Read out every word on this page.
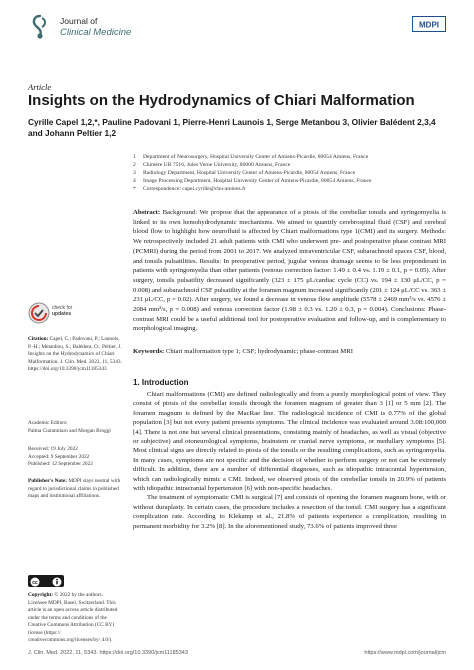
Journal of
Clinical Medicine
MDPI
Article
Insights on the Hydrodynamics of Chiari Malformation
Cyrille Capel 1,2,*, Pauline Padovani 1, Pierre-Henri Launois 1, Serge Metanbou 3, Olivier Balédent 2,3,4 and Johann Peltier 1,2
1	Department of Neurosurgery, Hospital University Center of Amiens-Picardie, 80054 Amiens, France
2	Chimère UR 7516, Jules Verne University, 80000 Amiens, France
3	Radiology Department, Hospital University Center of Amiens-Picardie, 80054 Amiens, France
4	Image Processing Department, Hospital University Center of Amiens-Picardie, 80054 Amiens, France
*	Correspondence: capel.cyrille@chu-amiens.fr
Abstract: Background: We propose that the appearance of a ptosis of the cerebellar tonsils and syringomyelia is linked to its own hemohydrodynamic mechanisms. We aimed to quantify cerebrospinal fluid (CSF) and cerebral blood flow to highlight how neurofluid is affected by Chiari malformations type 1(CMI) and its surgery. Methods: We retrospectively included 21 adult patients with CMI who underwent pre- and postoperative phase contrast MRI (PCMRI) during the period from 2001 to 2017. We analyzed intraventricular CSF, subarachnoid spaces CSF, blood, and tonsils pulsatilities. Results: In preoperative period, jugular venous drainage seems to be less preponderant in patients with syringomyelia than other patients (venous correction factor: 1.49 ± 0.4 vs. 1.19 ± 0.1, p = 0.05). After surgery, tonsils pulsatility decreased significantly (323 ± 175 μL/cardiac cycle (CC) vs. 194 ± 130 μL/CC, p = 0.008) and subarachnoid CSF pulsatility at the foramen magnum increased significantly (201 ± 124 μL/CC vs. 363 ± 231 μL/CC, p = 0.02). After surgery, we found a decrease in venous flow amplitude (5578 ± 2469 mm³/s vs. 4576 ± 2084 mm³/s, p = 0.008) and venous correction factor (1.98 ± 0.3 vs. 1.20 ± 0.3, p = 0.004). Conclusions: Phase-contrast MRI could be a useful additional tool for postoperative evaluation and follow-up, and is complementary to morphological imaging.
Keywords: Chiari malformation type 1; CSF; hydrodynamic; phase-contrast MRI
check for
updates
Citation: Capel, C.; Padovani, P.; Launois, P.-H.; Metanbou, S.; Balédent, O.; Peltier, J. Insights on the Hydrodynamics of Chiari Malformation. J. Clin. Med. 2022, 11, 5343. https://doi.org/10.3390/jcm11185343
Academic Editors:
Palma Ciaramitaro and Morgan Broggi
Received: 19 July 2022
Accepted: 9 September 2022
Published: 12 September 2022
Publisher's Note: MDPI stays neutral with regard to jurisdictional claims in published maps and institutional affiliations.
cc
Copyright: © 2022 by the authors. Licensee MDPI, Basel, Switzerland. This article is an open access article distributed under the terms and conditions of the Creative Commons Attribution (CC BY) license (https:// creativecommons.org/licenses/by/ 4.0/).
1. Introduction

Chiari malformations (CMI) are defined radiologically and from a purely morphological point of view. They consist of ptosis of the cerebellar tonsils through the foramen magnum of greater than 3 [1] or 5 mm [2]. The foramen magnum is defined by the MacRae line. The radiological incidence of CMI is 0.77% of the global population [3] but not every patient presents symptoms. The clinical incidence was evaluated around 3.08:100,000 [4]. There is not one but several clinical presentations, consisting mainly of headaches, as well as visual (objective or subjective) and otoneurological symptoms, brainstem or cranial nerve symptoms, or medullary symptoms [5]. Most clinical signs are directly related to ptosis of the tonsils or the resulting complications, such as syringomyelia. In many cases, symptoms are not specific and the decision of whether to perform surgery or not can be extremely difficult. In addition, there are a number of differential diagnoses, such as idiopathic intracranial hypertension, which can radiologically mimic a CMI. Indeed, we observed ptosis of the cerebellar tonsils in 20.9% of patients with idiopathic intracranial hypertension [6] with non-specific headaches.

The treatment of symptomatic CMI is surgical [7] and consists of opening the foramen magnum bone, with or without duraplasty. In certain cases, the procedure includes a resection of the tonsil. CMI surgery has a significant complication rate. According to Klekamp et al., 21.8% of patients experience a complication, resulting in permanent morbidity for 3.2% [8]. In the aforementioned study, 73.6% of patients improved three

J. Clin. Med. 2022, 11, 5343. https://doi.org/10.3390/jcm11185343	https://www.mdpi.com/journal/jcm
